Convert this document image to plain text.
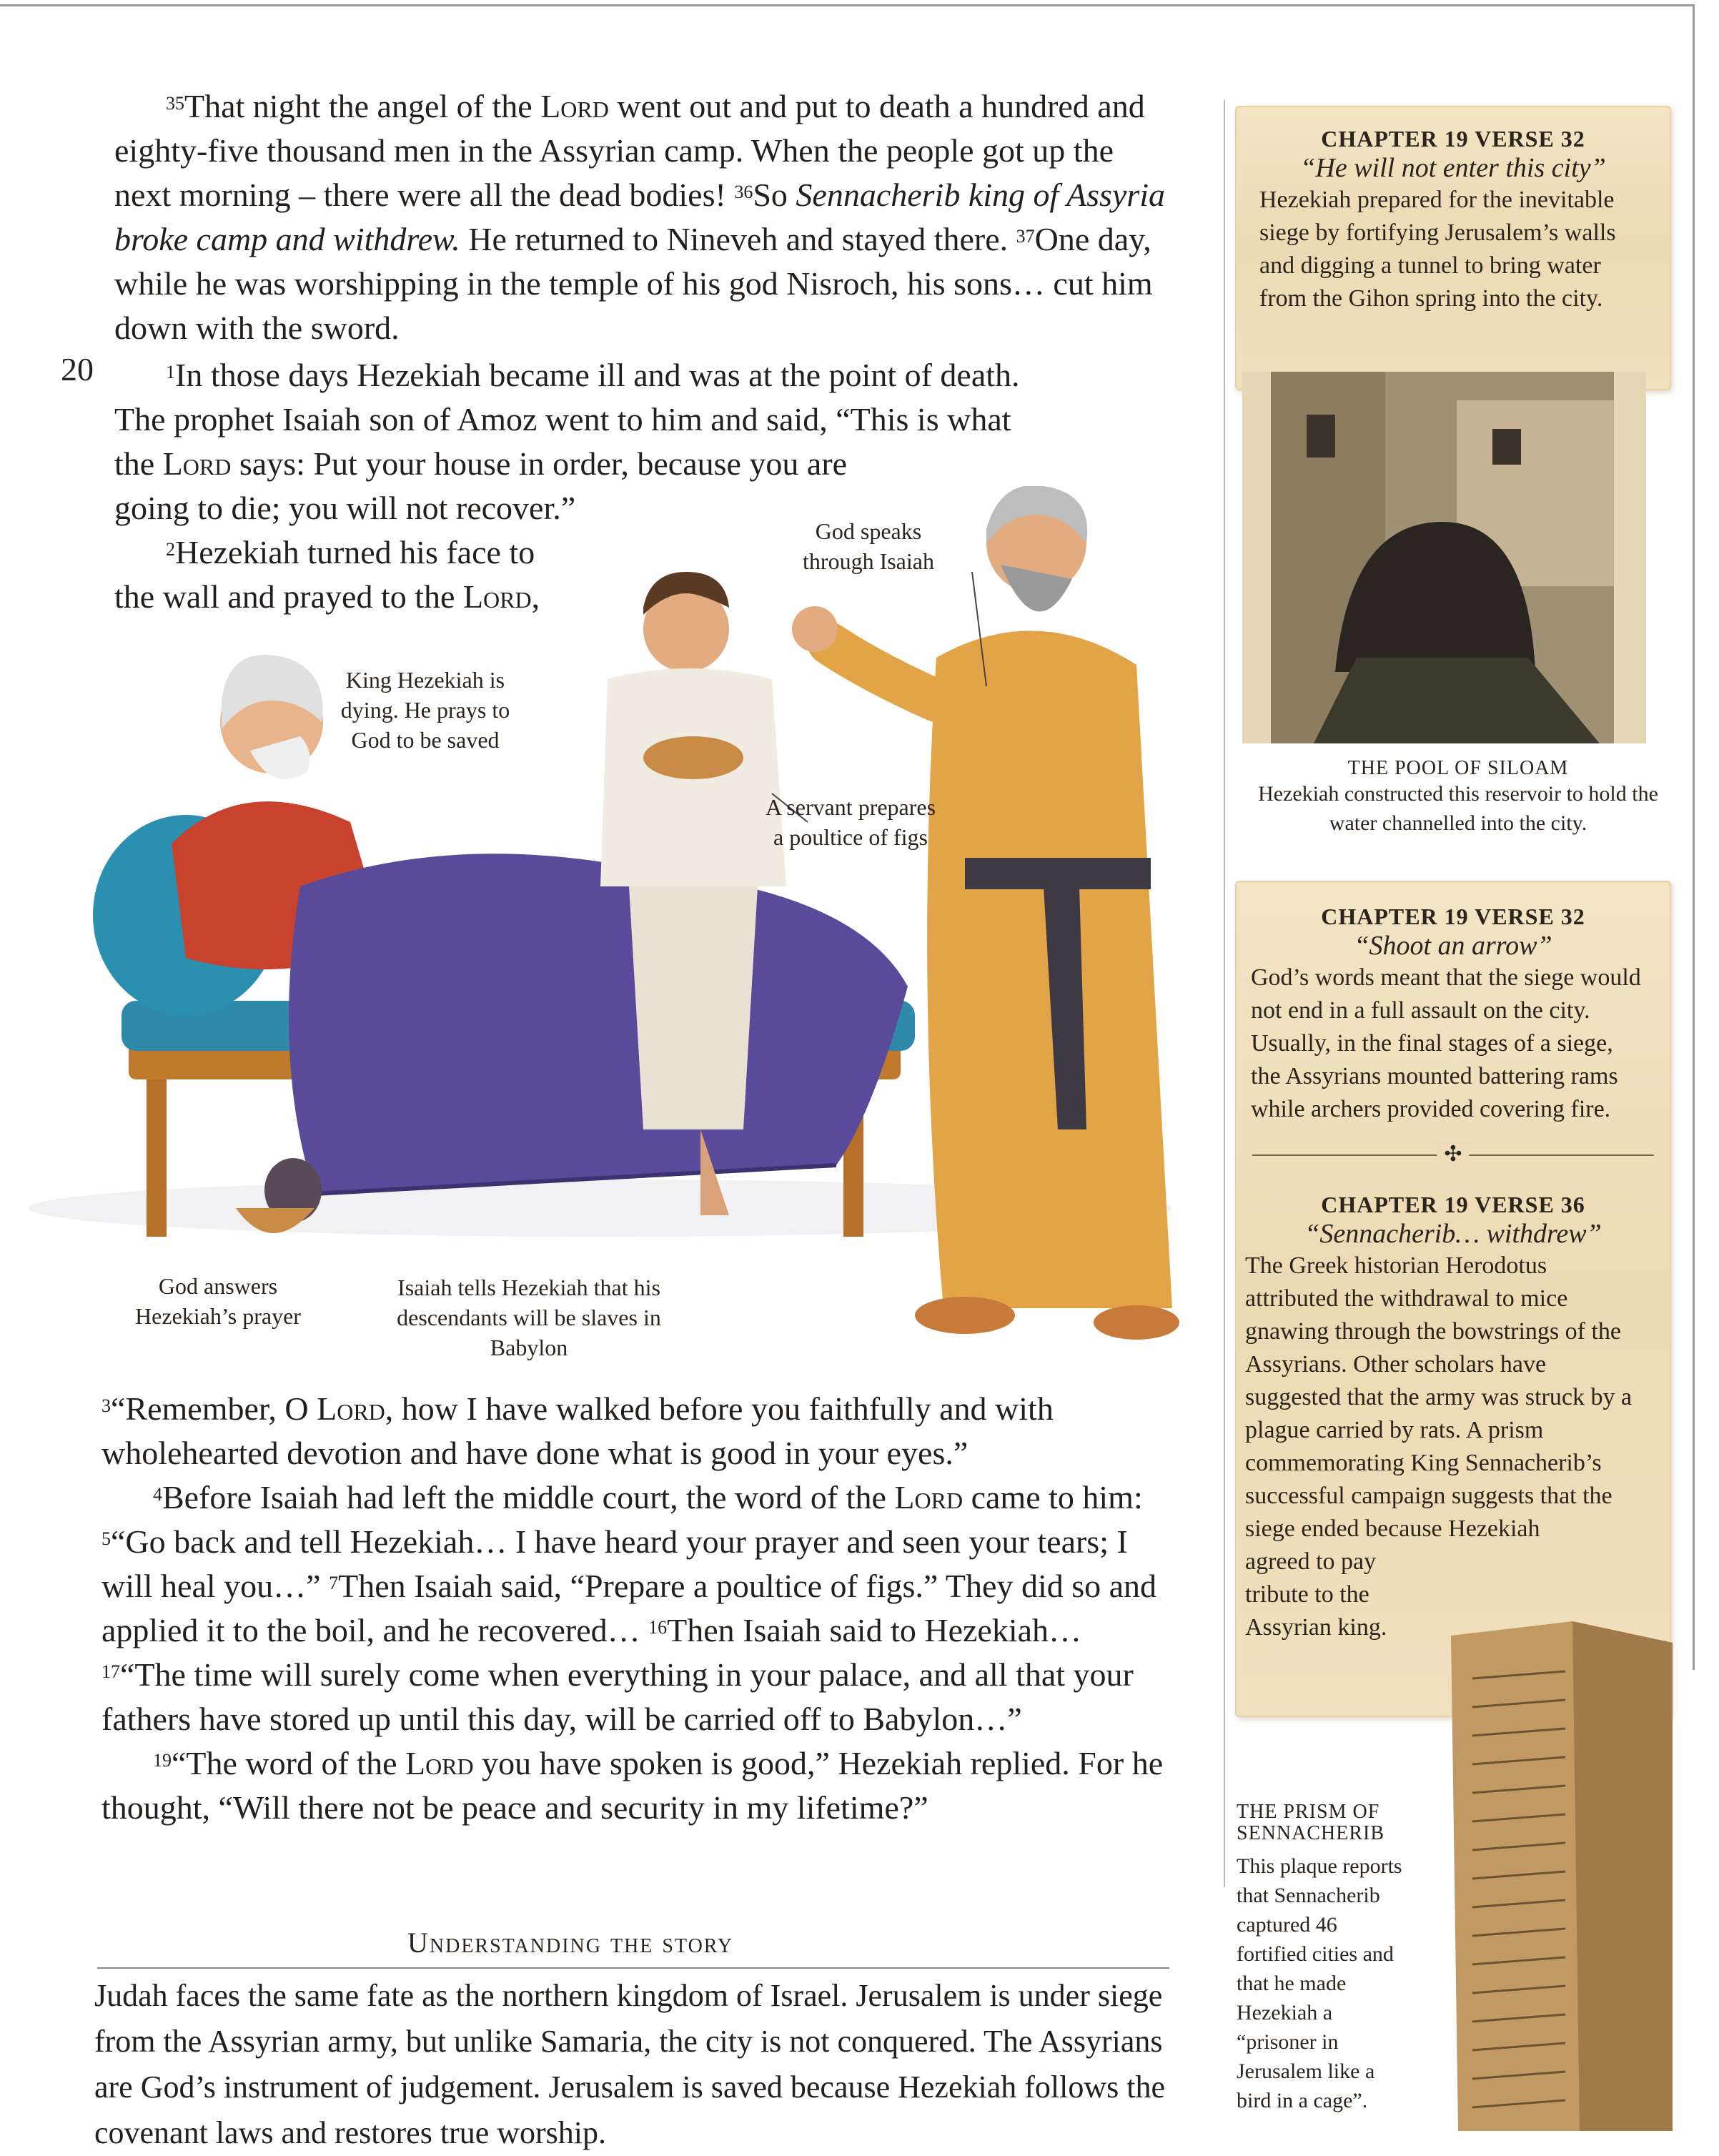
$^{35}$That night the angel of the Lord went out and put to death a hundred and eighty-five thousand men in the Assyrian camp. When the people got up the next morning – there were all the dead bodies! $^{36}$So Sennacherib king of Assyria broke camp and withdrew. He returned to Nineveh and stayed there. $^{37}$One day, while he was worshipping in the temple of his god Nisroch, his sons… cut him down with the sword.

20	$^1$In those days Hezekiah became ill and was at the point of death.
The prophet Isaiah son of Amoz went to him and said, “This is what
the Lord says: Put your house in order, because you are
going to die; you will not recover.”
$^2$Hezekiah turned his face to
the wall and prayed to the Lord,
God speaks through Isaiah
King Hezekiah is dying. He prays to God to be saved
A servant prepares a poultice of figs
God answers Hezekiah’s prayer
Isaiah tells Hezekiah that his descendants will be slaves in Babylon

$^3$“Remember, O Lord, how I have walked before you faithfully and with wholehearted devotion and have done what is good in your eyes.”

$^4$Before Isaiah had left the middle court, the word of the Lord came to him: $^5$“Go back and tell Hezekiah… I have heard your prayer and seen your tears; I will heal you…” $^7$Then Isaiah said, “Prepare a poultice of figs.” They did so and applied it to the boil, and he recovered… $^{16}$Then Isaiah said to Hezekiah… $^{17}$“The time will surely come when everything in your palace, and all that your fathers have stored up until this day, will be carried off to Babylon…”

$^{19}$“The word of the Lord you have spoken is good,” Hezekiah replied. For he thought, “Will there not be peace and security in my lifetime?”

Understanding the story
Judah faces the same fate as the northern kingdom of Israel. Jerusalem is under siege from the Assyrian army, but unlike Samaria, the city is not conquered. The Assyrians are God’s instrument of judgement. Jerusalem is saved because Hezekiah follows the covenant laws and restores true worship.
CHAPTER 19 VERSE 32
“He will not enter this city”
Hezekiah prepared for the inevitable siege by fortifying Jerusalem’s walls and digging a tunnel to bring water from the Gihon spring into the city.
THE POOL OF SILOAM
Hezekiah constructed this reservoir to hold the water channelled into the city.
CHAPTER 19 VERSE 32
“Shoot an arrow”
God’s words meant that the siege would not end in a full assault on the city. Usually, in the final stages of a siege, the Assyrians mounted battering rams while archers provided covering fire.
✣
CHAPTER 19 VERSE 36
“Sennacherib… withdrew”
The Greek historian Herodotus attributed the withdrawal to mice gnawing through the bowstrings of the Assyrians. Other scholars have suggested that the army was struck by a plague carried by rats. A prism commemorating King Sennacherib’s successful campaign suggests that the siege ended because Hezekiah
agreed to pay tribute to the Assyrian king.
THE PRISM OF SENNACHERIB
This plaque reports that Sennacherib captured 46 fortified cities and that he made Hezekiah a “prisoner in Jerusalem like a bird in a cage”.
